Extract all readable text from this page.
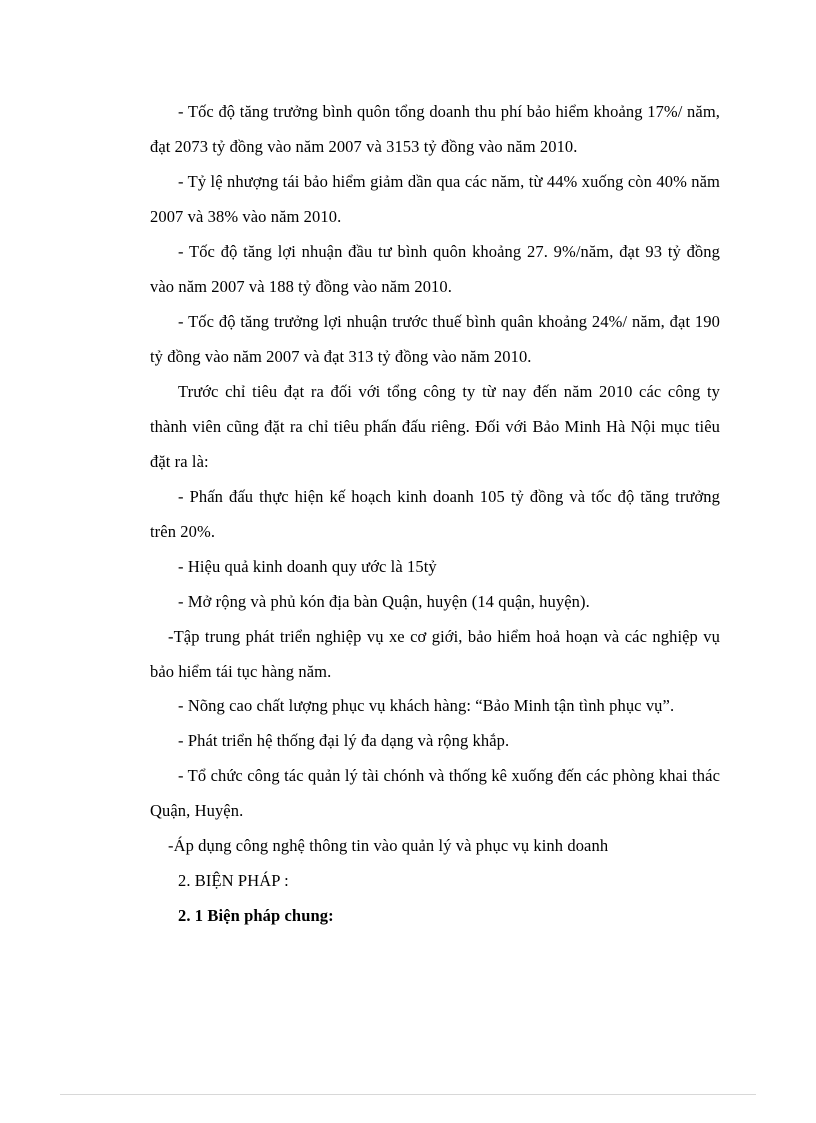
- Tốc độ tăng trưởng bình quôn tổng doanh thu phí bảo hiểm khoảng 17%/ năm, đạt 2073 tỷ đồng vào năm 2007 và 3153 tỷ đồng vào năm 2010.

- Tỷ lệ nhượng tái bảo hiểm giảm dần qua các năm, từ 44% xuống còn 40% năm 2007 và 38% vào năm 2010.

- Tốc độ tăng lợi nhuận đầu tư bình quôn khoảng 27. 9%/năm, đạt 93 tỷ đồng vào năm 2007 và 188 tỷ đồng vào năm 2010.

- Tốc độ tăng trưởng lợi nhuận trước thuế bình quân khoảng 24%/ năm, đạt 190 tỷ đồng vào năm 2007 và đạt 313 tỷ đồng vào năm 2010.

Trước chỉ tiêu đạt ra đối với tổng công ty từ nay đến năm 2010 các công ty thành viên cũng đặt ra chỉ tiêu phấn đấu riêng. Đối với Bảo Minh Hà Nội mục tiêu đặt ra là:

- Phấn đấu thực hiện kế hoạch kinh doanh 105 tỷ đồng và tốc độ tăng trưởng trên 20%.

- Hiệu quả kinh doanh quy ước là 15tỷ

- Mở rộng và phủ kón địa bàn Quận, huyện (14 quận, huyện).

-Tập trung phát triển nghiệp vụ xe cơ giới, bảo hiểm hoả hoạn và các nghiệp vụ bảo hiểm tái tục hàng năm.

- Nõng cao chất lượng phục vụ khách hàng: “Bảo Minh tận tình phục vụ”.

- Phát triển hệ thống đại lý đa dạng và rộng khắp.

- Tổ chức công tác quản lý tài chónh và thống kê xuống đến các phòng khai thác Quận, Huyện.

-Áp dụng công nghệ thông tin vào quản lý và phục vụ kinh doanh

2. BIỆN PHÁP :

2. 1 Biện pháp chung:
